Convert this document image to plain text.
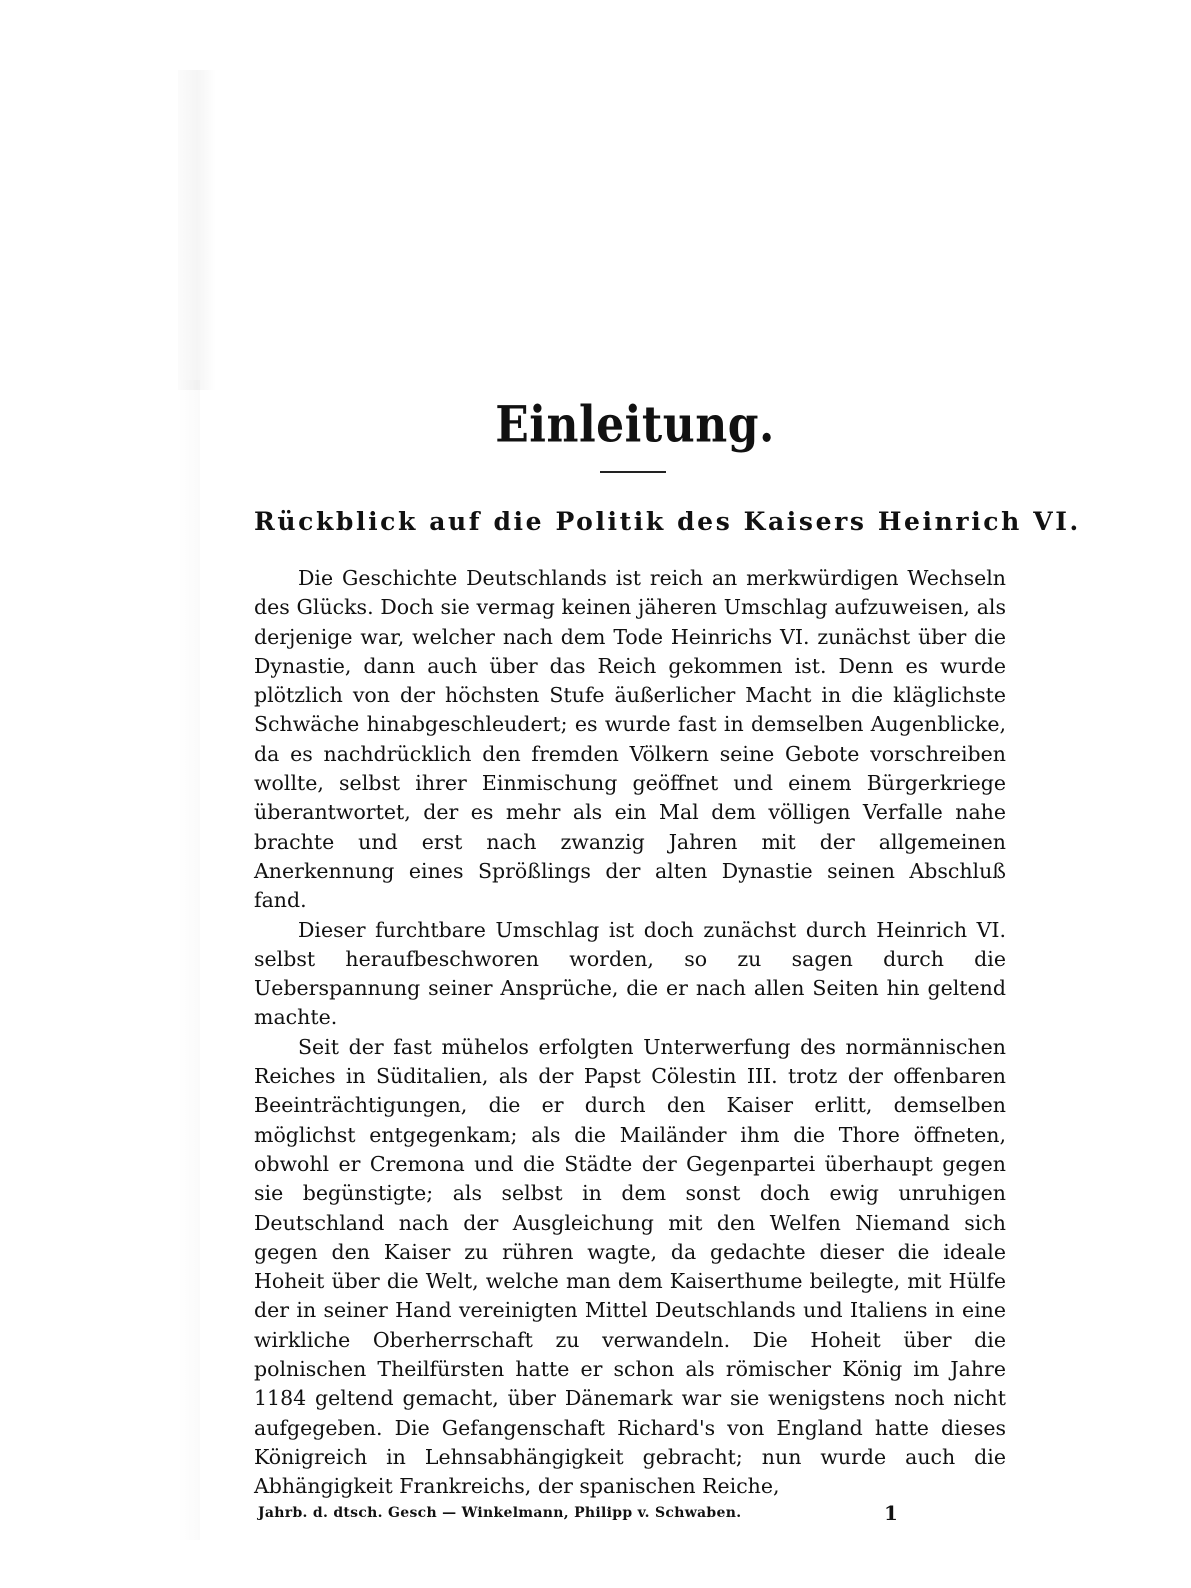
Einleitung.
Rückblick auf die Politik des Kaisers Heinrich VI.

Die Geschichte Deutschlands ist reich an merkwürdigen Wechseln des Glücks. Doch sie vermag keinen jäheren Umschlag aufzuweisen, als derjenige war, welcher nach dem Tode Heinrichs VI. zunächst über die Dynastie, dann auch über das Reich gekommen ist. Denn es wurde plötzlich von der höchsten Stufe äußerlicher Macht in die kläglichste Schwäche hinabgeschleudert; es wurde fast in demselben Augenblicke, da es nachdrücklich den fremden Völkern seine Gebote vorschreiben wollte, selbst ihrer Einmischung geöffnet und einem Bürgerkriege überantwortet, der es mehr als ein Mal dem völligen Verfalle nahe brachte und erst nach zwanzig Jahren mit der allgemeinen Anerkennung eines Sprößlings der alten Dynastie seinen Abschluß fand.

Dieser furchtbare Umschlag ist doch zunächst durch Heinrich VI. selbst heraufbeschworen worden, so zu sagen durch die Ueberspannung seiner Ansprüche, die er nach allen Seiten hin geltend machte.

Seit der fast mühelos erfolgten Unterwerfung des normännischen Reiches in Süditalien, als der Papst Cölestin III. trotz der offenbaren Beeinträchtigungen, die er durch den Kaiser erlitt, demselben möglichst entgegenkam; als die Mailänder ihm die Thore öffneten, obwohl er Cremona und die Städte der Gegenpartei überhaupt gegen sie begünstigte; als selbst in dem sonst doch ewig unruhigen Deutschland nach der Ausgleichung mit den Welfen Niemand sich gegen den Kaiser zu rühren wagte, da gedachte dieser die ideale Hoheit über die Welt, welche man dem Kaiserthume beilegte, mit Hülfe der in seiner Hand vereinigten Mittel Deutschlands und Italiens in eine wirkliche Oberherrschaft zu verwandeln. Die Hoheit über die polnischen Theilfürsten hatte er schon als römischer König im Jahre 1184 geltend gemacht, über Dänemark war sie wenigstens noch nicht aufgegeben. Die Gefangenschaft Richard's von England hatte dieses Königreich in Lehnsabhängigkeit gebracht; nun wurde auch die Abhängigkeit Frankreichs, der spanischen Reiche,

Jahrb. d. dtsch. Gesch — Winkelmann, Philipp v. Schwaben.	1
